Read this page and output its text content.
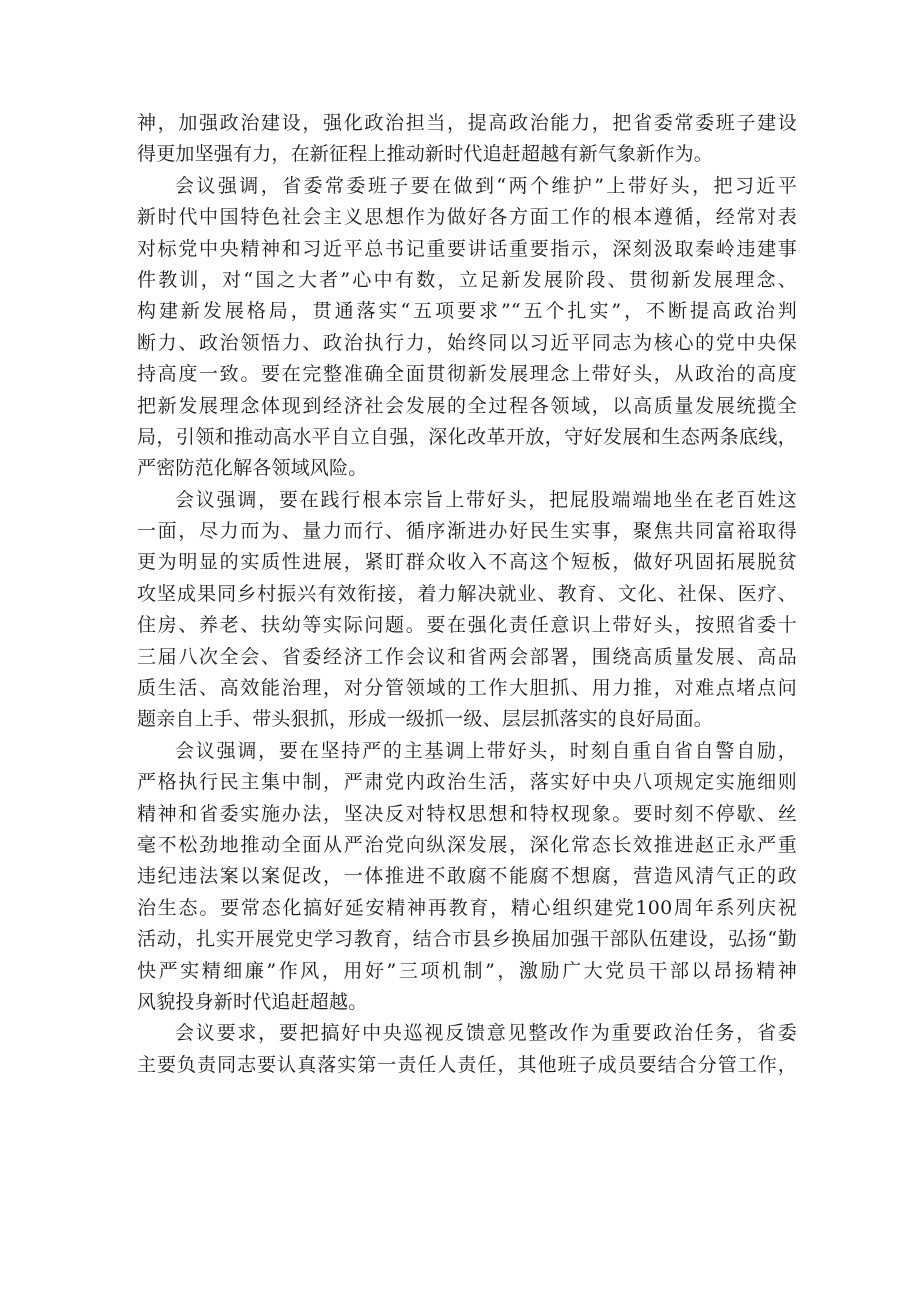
神，加强政治建设，强化政治担当，提高政治能力，把省委常委班子建设
得更加坚强有力，在新征程上推动新时代追赶超越有新气象新作为。
会议强调，省委常委班子要在做到“两个维护”上带好头，把习近平
新时代中国特色社会主义思想作为做好各方面工作的根本遵循，经常对表
对标党中央精神和习近平总书记重要讲话重要指示，深刻汲取秦岭违建事
件教训，对“国之大者”心中有数，立足新发展阶段、贯彻新发展理念、
构建新发展格局，贯通落实“五项要求”“五个扎实”，不断提高政治判
断力、政治领悟力、政治执行力，始终同以习近平同志为核心的党中央保
持高度一致。要在完整准确全面贯彻新发展理念上带好头，从政治的高度
把新发展理念体现到经济社会发展的全过程各领域，以高质量发展统揽全
局，引领和推动高水平自立自强，深化改革开放，守好发展和生态两条底线，
严密防范化解各领域风险。
会议强调，要在践行根本宗旨上带好头，把屁股端端地坐在老百姓这
一面，尽力而为、量力而行、循序渐进办好民生实事，聚焦共同富裕取得
更为明显的实质性进展，紧盯群众收入不高这个短板，做好巩固拓展脱贫
攻坚成果同乡村振兴有效衔接，着力解决就业、教育、文化、社保、医疗、
住房、养老、扶幼等实际问题。要在强化责任意识上带好头，按照省委十
三届八次全会、省委经济工作会议和省两会部署，围绕高质量发展、高品
质生活、高效能治理，对分管领域的工作大胆抓、用力推，对难点堵点问
题亲自上手、带头狠抓，形成一级抓一级、层层抓落实的良好局面。
会议强调，要在坚持严的主基调上带好头，时刻自重自省自警自励，
严格执行民主集中制，严肃党内政治生活，落实好中央八项规定实施细则
精神和省委实施办法，坚决反对特权思想和特权现象。要时刻不停歇、丝
毫不松劲地推动全面从严治党向纵深发展，深化常态长效推进赵正永严重
违纪违法案以案促改，一体推进不敢腐不能腐不想腐，营造风清气正的政
治生态。要常态化搞好延安精神再教育，精心组织建党100周年系列庆祝
活动，扎实开展党史学习教育，结合市县乡换届加强干部队伍建设，弘扬“勤
快严实精细廉”作风，用好”三项机制”，激励广大党员干部以昂扬精神
风貌投身新时代追赶超越。
会议要求，要把搞好中央巡视反馈意见整改作为重要政治任务，省委
主要负责同志要认真落实第一责任人责任，其他班子成员要结合分管工作，
